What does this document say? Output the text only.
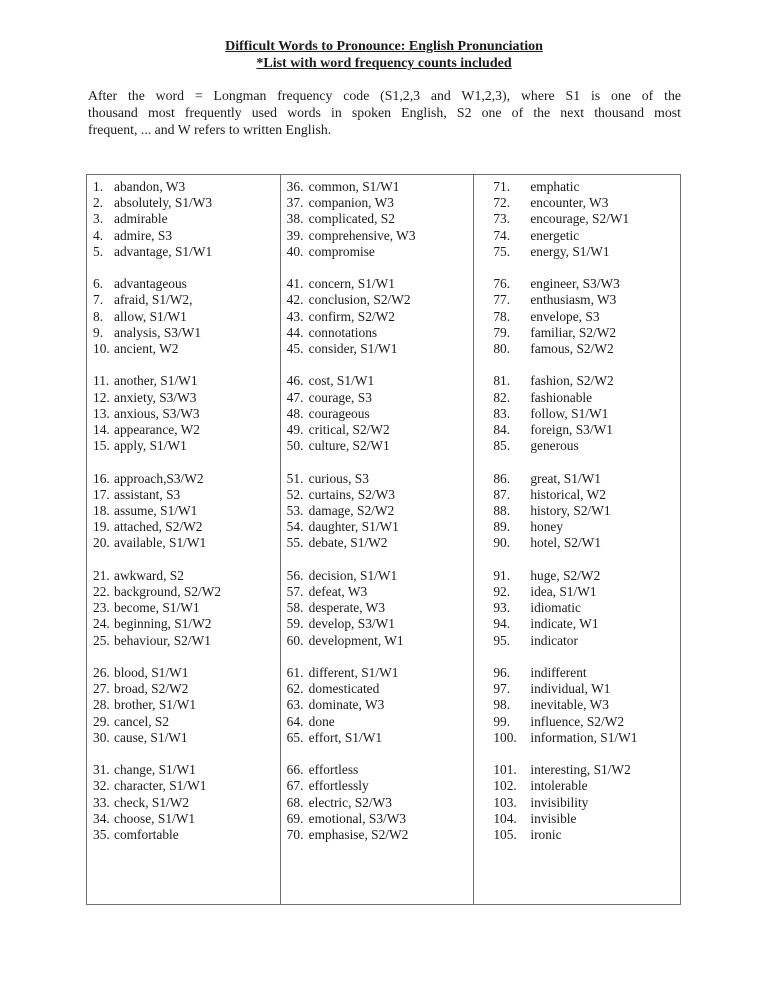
Difficult Words to Pronounce: English Pronunciation
*List with word frequency counts included
After the word = Longman frequency code (S1,2,3 and W1,2,3), where S1 is one of the
thousand most frequently used words in spoken English, S2 one of the next thousand most
frequent, ... and W refers to written English.
1. abandon, W3
2. absolutely, S1/W3
3. admirable
4. admire, S3
5. advantage, S1/W1
6. advantageous
7. afraid, S1/W2,
8. allow, S1/W1
9. analysis, S3/W1
10. ancient, W2
11. another, S1/W1
12. anxiety, S3/W3
13. anxious, S3/W3
14. appearance, W2
15. apply, S1/W1
16. approach,S3/W2
17. assistant, S3
18. assume, S1/W1
19. attached, S2/W2
20. available, S1/W1
21. awkward, S2
22. background, S2/W2
23. become, S1/W1
24. beginning, S1/W2
25. behaviour, S2/W1
26. blood, S1/W1
27. broad, S2/W2
28. brother, S1/W1
29. cancel, S2
30. cause, S1/W1
31. change, S1/W1
32. character, S1/W1
33. check, S1/W2
34. choose, S1/W1
35. comfortable
36. common, S1/W1
37. companion, W3
38. complicated, S2
39. comprehensive, W3
40. compromise
41. concern, S1/W1
42. conclusion, S2/W2
43. confirm, S2/W2
44. connotations
45. consider, S1/W1
46. cost, S1/W1
47. courage, S3
48. courageous
49. critical, S2/W2
50. culture, S2/W1
51. curious, S3
52. curtains, S2/W3
53. damage, S2/W2
54. daughter, S1/W1
55. debate, S1/W2
56. decision, S1/W1
57. defeat, W3
58. desperate, W3
59. develop, S3/W1
60. development, W1
61. different, S1/W1
62. domesticated
63. dominate, W3
64. done
65. effort, S1/W1
66. effortless
67. effortlessly
68. electric, S2/W3
69. emotional, S3/W3
70. emphasise, S2/W2
71. emphatic
72. encounter, W3
73. encourage, S2/W1
74. energetic
75. energy, S1/W1
76. engineer, S3/W3
77. enthusiasm, W3
78. envelope, S3
79. familiar, S2/W2
80. famous, S2/W2
81. fashion, S2/W2
82. fashionable
83. follow, S1/W1
84. foreign, S3/W1
85. generous
86. great, S1/W1
87. historical, W2
88. history, S2/W1
89. honey
90. hotel, S2/W1
91. huge, S2/W2
92. idea, S1/W1
93. idiomatic
94. indicate, W1
95. indicator
96. indifferent
97. individual, W1
98. inevitable, W3
99. influence, S2/W2
100. information, S1/W1
101. interesting, S1/W2
102. intolerable
103. invisibility
104. invisible
105. ironic
